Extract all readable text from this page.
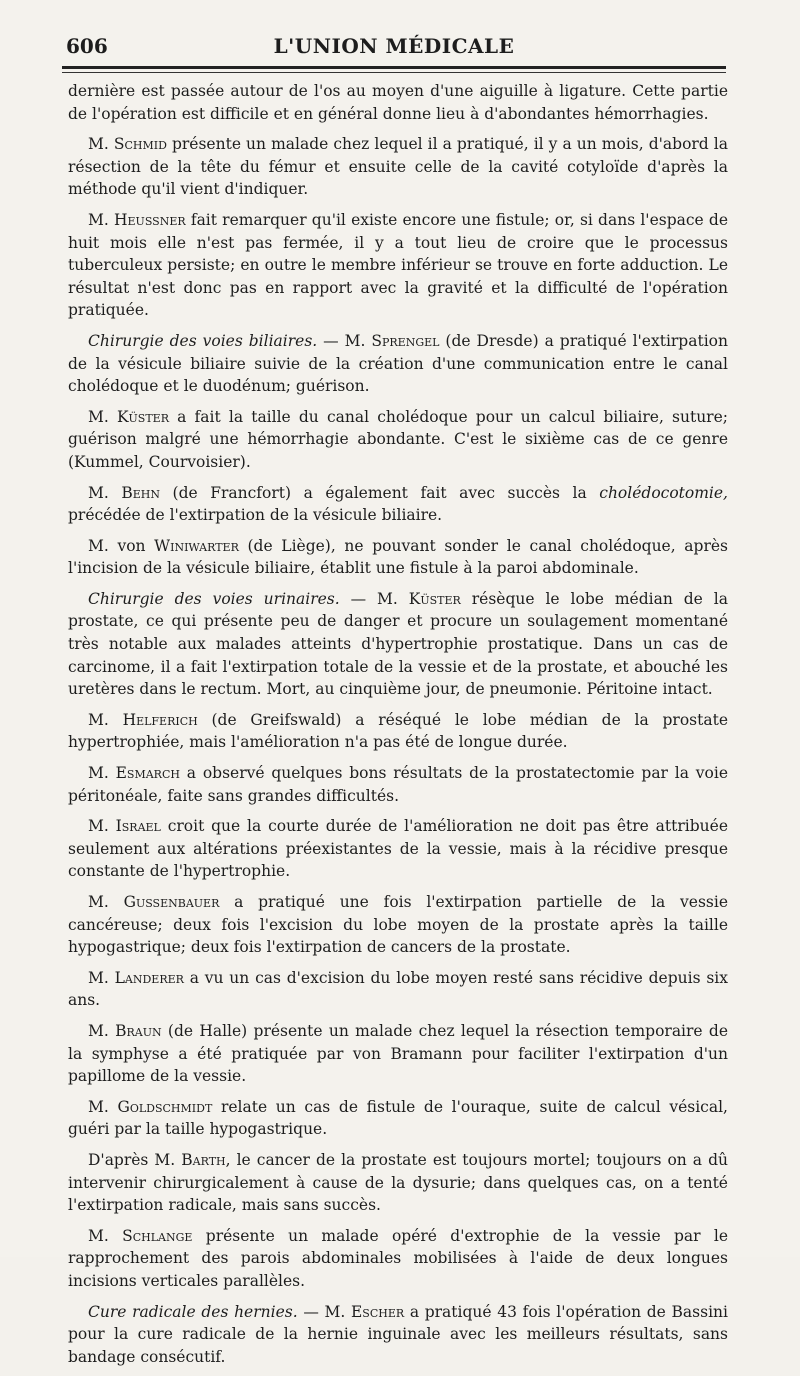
606	L'UNION MÉDICALE

dernière est passée autour de l'os au moyen d'une aiguille à ligature. Cette partie de l'opération est difficile et en général donne lieu à d'abondantes hémorrhagies.

M. Schmid présente un malade chez lequel il a pratiqué, il y a un mois, d'abord la résection de la tête du fémur et ensuite celle de la cavité cotyloïde d'après la méthode qu'il vient d'indiquer.

M. Heussner fait remarquer qu'il existe encore une fistule; or, si dans l'espace de huit mois elle n'est pas fermée, il y a tout lieu de croire que le processus tuberculeux persiste; en outre le membre inférieur se trouve en forte adduction. Le résultat n'est donc pas en rapport avec la gravité et la difficulté de l'opération pratiquée.

Chirurgie des voies biliaires. — M. Sprengel (de Dresde) a pratiqué l'extirpation de la vésicule biliaire suivie de la création d'une communication entre le canal cholédoque et le duodénum; guérison.

M. Küster a fait la taille du canal cholédoque pour un calcul biliaire, suture; guérison malgré une hémorrhagie abondante. C'est le sixième cas de ce genre (Kummel, Courvoisier).

M. Behn (de Francfort) a également fait avec succès la cholédocotomie, précédée de l'extirpation de la vésicule biliaire.

M. von Winiwarter (de Liège), ne pouvant sonder le canal cholédoque, après l'incision de la vésicule biliaire, établit une fistule à la paroi abdominale.

Chirurgie des voies urinaires. — M. Küster résèque le lobe médian de la prostate, ce qui présente peu de danger et procure un soulagement momentané très notable aux malades atteints d'hypertrophie prostatique. Dans un cas de carcinome, il a fait l'extirpation totale de la vessie et de la prostate, et abouché les uretères dans le rectum. Mort, au cinquième jour, de pneumonie. Péritoine intact.

M. Helferich (de Greifswald) a réséqué le lobe médian de la prostate hypertrophiée, mais l'amélioration n'a pas été de longue durée.

M. Esmarch a observé quelques bons résultats de la prostatectomie par la voie péritonéale, faite sans grandes difficultés.

M. Israel croit que la courte durée de l'amélioration ne doit pas être attribuée seulement aux altérations préexistantes de la vessie, mais à la récidive presque constante de l'hypertrophie.

M. Gussenbauer a pratiqué une fois l'extirpation partielle de la vessie cancéreuse; deux fois l'excision du lobe moyen de la prostate après la taille hypogastrique; deux fois l'extirpation de cancers de la prostate.

M. Landerer a vu un cas d'excision du lobe moyen resté sans récidive depuis six ans.

M. Braun (de Halle) présente un malade chez lequel la résection temporaire de la symphyse a été pratiquée par von Bramann pour faciliter l'extirpation d'un papillome de la vessie.

M. Goldschmidt relate un cas de fistule de l'ouraque, suite de calcul vésical, guéri par la taille hypogastrique.

D'après M. Barth, le cancer de la prostate est toujours mortel; toujours on a dû intervenir chirurgicalement à cause de la dysurie; dans quelques cas, on a tenté l'extirpation radicale, mais sans succès.

M. Schlange présente un malade opéré d'extrophie de la vessie par le rapprochement des parois abdominales mobilisées à l'aide de deux longues incisions verticales parallèles.

Cure radicale des hernies. — M. Escher a pratiqué 43 fois l'opération de Bassini pour la cure radicale de la hernie inguinale avec les meilleurs résultats, sans bandage consécutif.
